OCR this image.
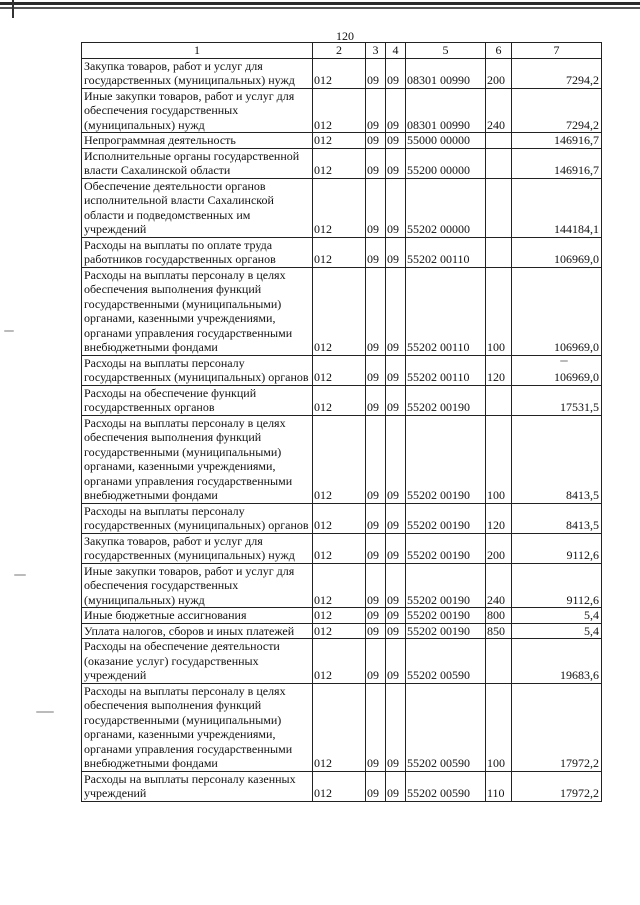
120
1	2	3	4	5	6	7
Закупка товаров, работ и услуг для государственных (муниципальных) нужд	012	09	09	08301 00990	200	7294,2
Иные закупки товаров, работ и услуг для обеспечения государственных (муниципальных) нужд	012	09	09	08301 00990	240	7294,2
Непрограммная деятельность	012	09	09	55000 00000		146916,7
Исполнительные органы государственной власти Сахалинской области	012	09	09	55200 00000		146916,7
Обеспечение деятельности органов исполнительной власти Сахалинской области и подведомственных им учреждений	012	09	09	55202 00000		144184,1
Расходы на выплаты по оплате труда работников государственных органов	012	09	09	55202 00110		106969,0
Расходы на выплаты персоналу в целях обеспечения выполнения функций государственными (муниципальными) органами, казенными учреждениями, органами управления государственными внебюджетными фондами	012	09	09	55202 00110	100	106969,0
Расходы на выплаты персоналу государственных (муниципальных) органов	012	09	09	55202 00110	120	106969,0
Расходы на обеспечение функций государственных органов	012	09	09	55202 00190		17531,5
Расходы на выплаты персоналу в целях обеспечения выполнения функций государственными (муниципальными) органами, казенными учреждениями, органами управления государственными внебюджетными фондами	012	09	09	55202 00190	100	8413,5
Расходы на выплаты персоналу государственных (муниципальных) органов	012	09	09	55202 00190	120	8413,5
Закупка товаров, работ и услуг для государственных (муниципальных) нужд	012	09	09	55202 00190	200	9112,6
Иные закупки товаров, работ и услуг для обеспечения государственных (муниципальных) нужд	012	09	09	55202 00190	240	9112,6
Иные бюджетные ассигнования	012	09	09	55202 00190	800	5,4
Уплата налогов, сборов и иных платежей	012	09	09	55202 00190	850	5,4
Расходы на обеспечение деятельности (оказание услуг) государственных учреждений	012	09	09	55202 00590		19683,6
Расходы на выплаты персоналу в целях обеспечения выполнения функций государственными (муниципальными) органами, казенными учреждениями, органами управления государственными внебюджетными фондами	012	09	09	55202 00590	100	17972,2
Расходы на выплаты персоналу казенных учреждений	012	09	09	55202 00590	110	17972,2
